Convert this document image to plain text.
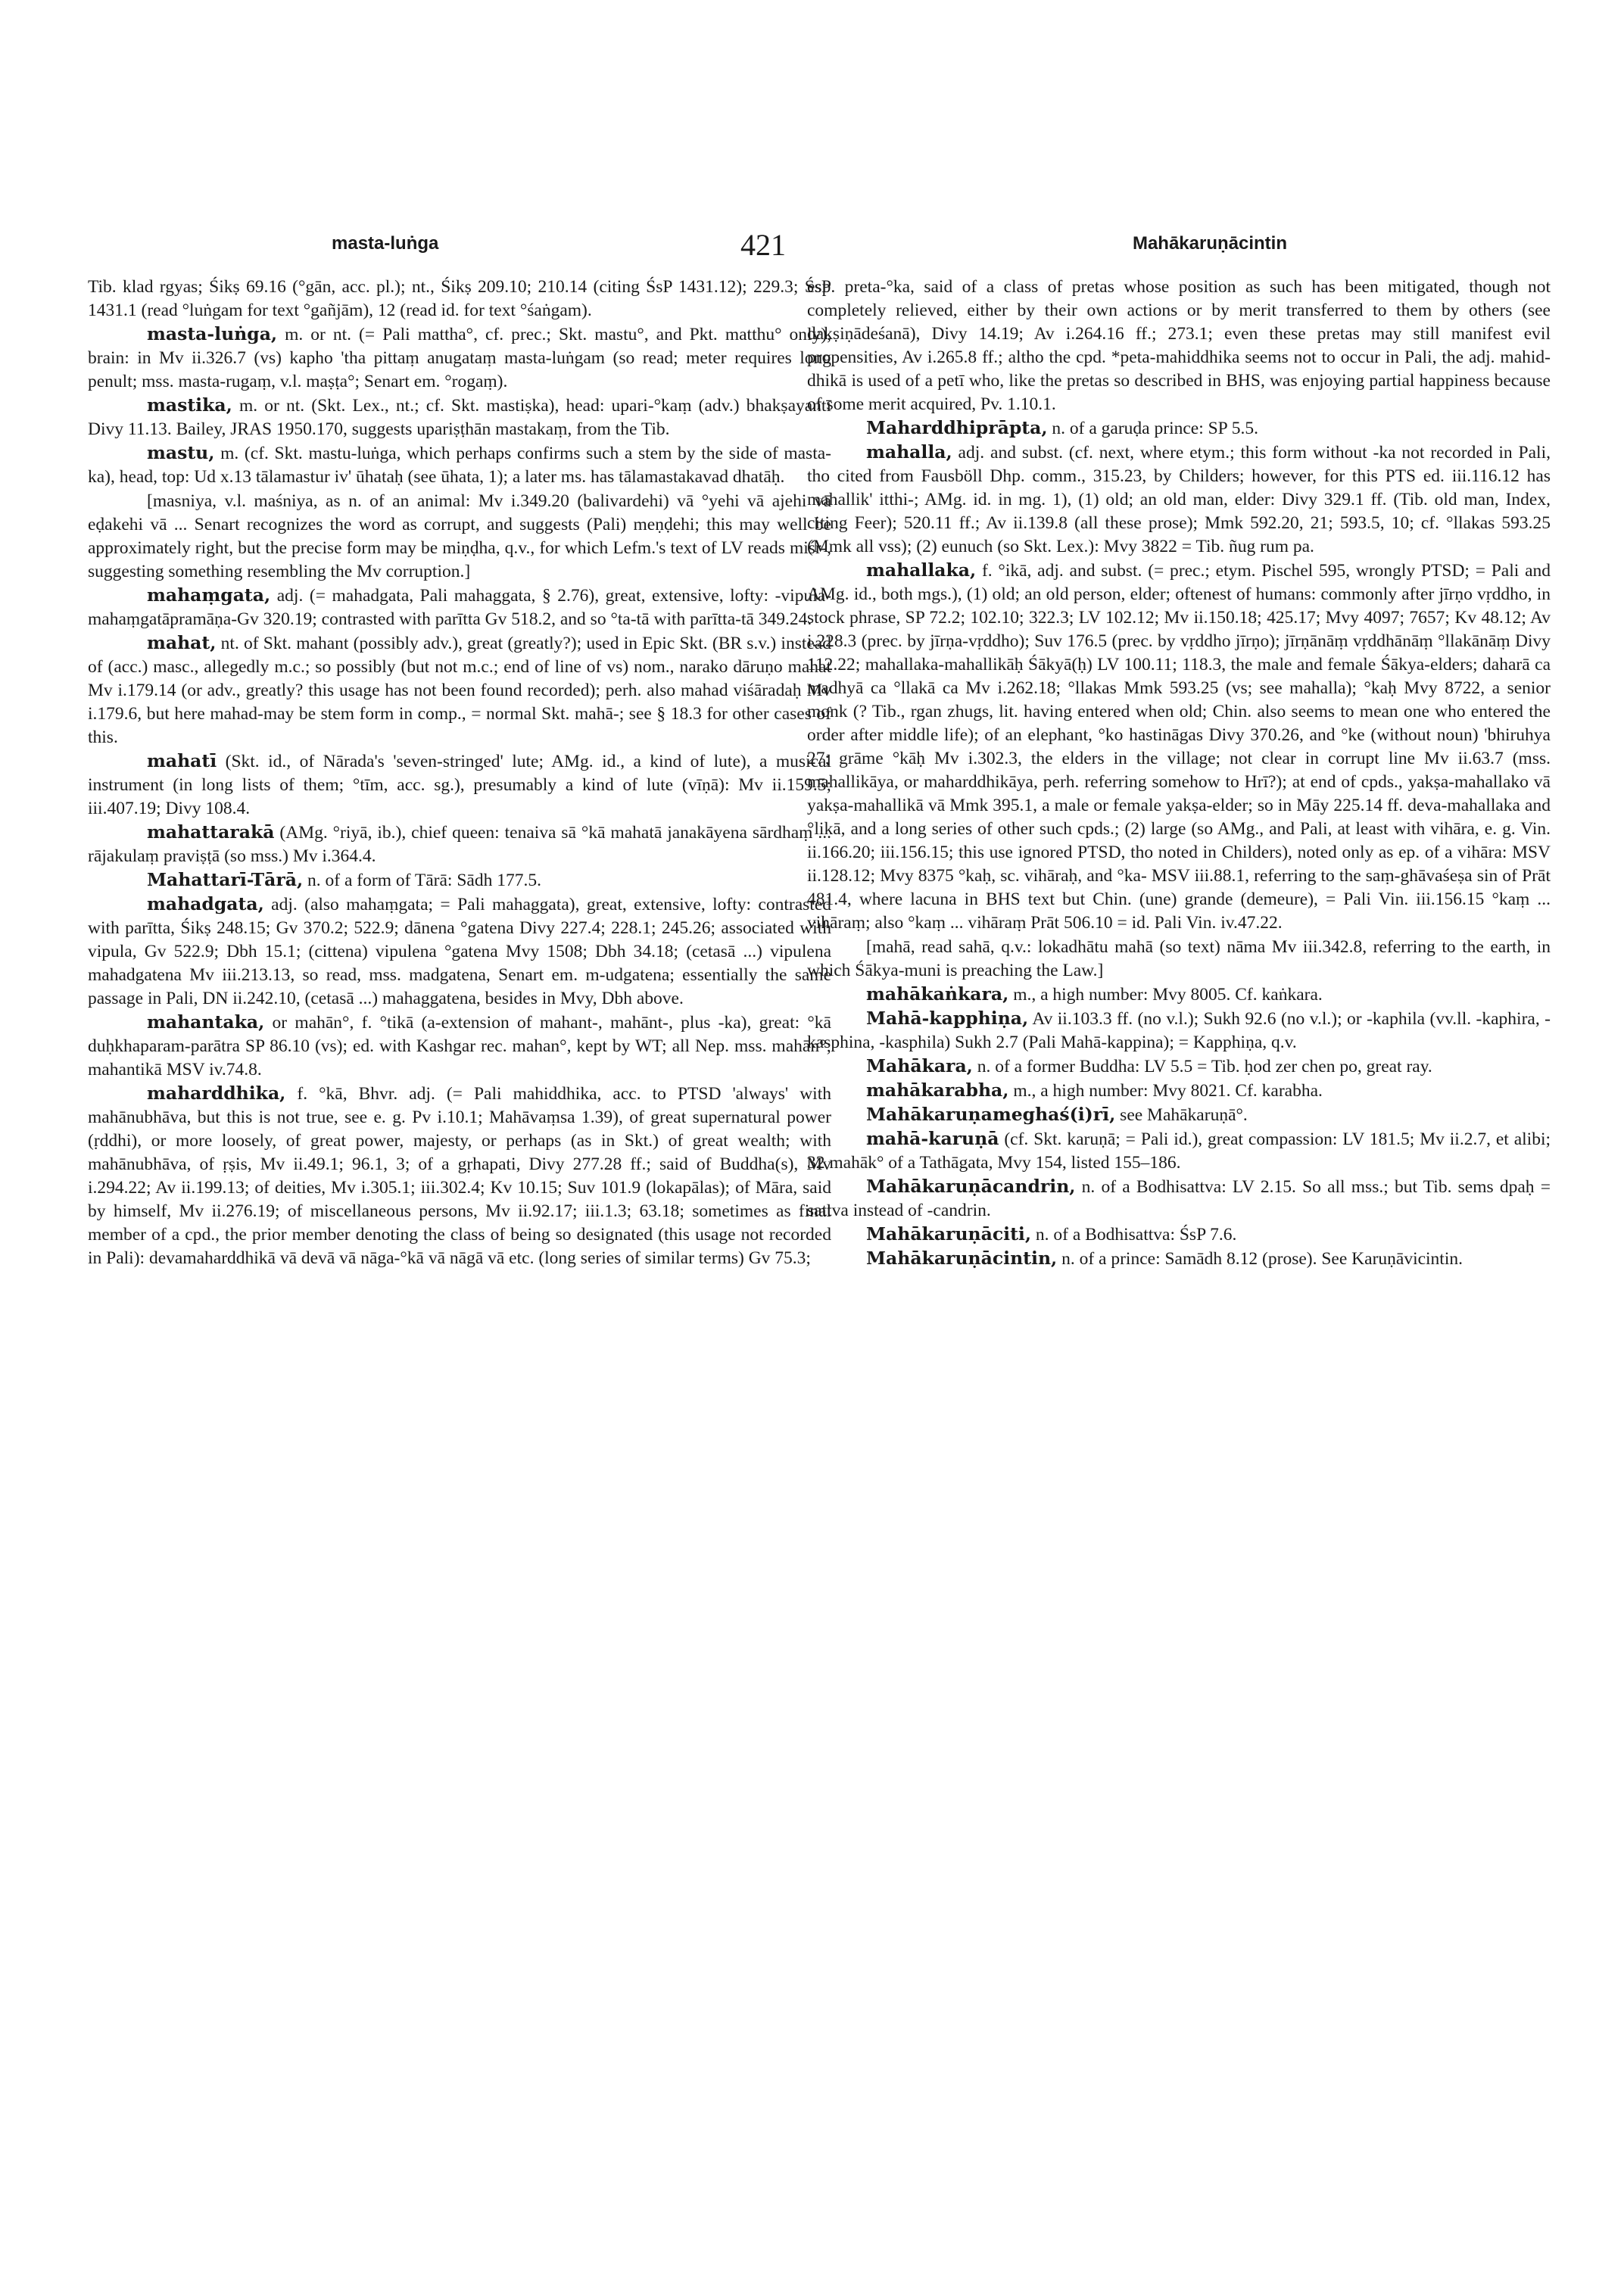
masta-luṅga	421	Mahākaruṇācintin

Tib. klad rgyas; Śikṣ 69.16 (°gān, acc. pl.); nt., Śikṣ 209.10; 210.14 (citing ŚsP 1431.12); 229.3; ŚsP 1431.1 (read °luṅgam for text °gañjām), 12 (read id. for text °śaṅgam).

masta-luṅga, m. or nt. (= Pali mattha°, cf. prec.; Skt. mastu°, and Pkt. matthu° only), brain: in Mv ii.326.7 (vs) kapho 'tha pittaṃ anugataṃ masta-luṅgam (so read; meter requires long penult; mss. masta-rugaṃ, v.l. maṣṭa°; Senart em. °rogaṃ).

mastika, m. or nt. (Skt. Lex., nt.; cf. Skt. mastiṣka), head: upari-°kaṃ (adv.) bhakṣayantī Divy 11.13. Bailey, JRAS 1950.170, suggests upariṣṭhān mastakaṃ, from the Tib.

mastu, m. (cf. Skt. mastu-luṅga, which perhaps confirms such a stem by the side of masta-ka), head, top: Ud x.13 tālamastur iv' ūhataḥ (see ūhata, 1); a later ms. has tālamastakavad dhatāḥ.

[masniya, v.l. maśniya, as n. of an animal: Mv i.349.20 (balivardehi) vā °yehi vā ajehi vā eḍakehi vā ... Senart recognizes the word as corrupt, and suggests (Pali) meṇḍehi; this may well be approximately right, but the precise form may be miṇḍha, q.v., for which Lefm.'s text of LV reads miśr-, suggesting something resembling the Mv corruption.]

mahaṃgata, adj. (= mahadgata, Pali mahaggata, § 2.76), great, extensive, lofty: -vipula-mahaṃgatāpramāṇa-Gv 320.19; contrasted with parītta Gv 518.2, and so °ta-tā with parītta-tā 349.24.

mahat, nt. of Skt. mahant (possibly adv.), great (greatly?); used in Epic Skt. (BR s.v.) instead of (acc.) masc., allegedly m.c.; so possibly (but not m.c.; end of line of vs) nom., narako dāruṇo mahat Mv i.179.14 (or adv., greatly? this usage has not been found recorded); perh. also mahad viśāradaḥ Mv i.179.6, but here mahad-may be stem form in comp., = normal Skt. mahā-; see § 18.3 for other cases of this.

mahatī (Skt. id., of Nārada's 'seven-stringed' lute; AMg. id., a kind of lute), a musical instrument (in long lists of them; °tīm, acc. sg.), presumably a kind of lute (vīṇā): Mv ii.159.5; iii.407.19; Divy 108.4.

mahattarakā (AMg. °riyā, ib.), chief queen: tenaiva sā °kā mahatā janakāyena sārdhaṃ ... rājakulaṃ praviṣṭā (so mss.) Mv i.364.4.

Mahattarī-Tārā, n. of a form of Tārā: Sādh 177.5.

mahadgata, adj. (also mahaṃgata; = Pali mahaggata), great, extensive, lofty: contrasted with parītta, Śikṣ 248.15; Gv 370.2; 522.9; dānena °gatena Divy 227.4; 228.1; 245.26; associated with vipula, Gv 522.9; Dbh 15.1; (cittena) vipulena °gatena Mvy 1508; Dbh 34.18; (cetasā ...) vipulena mahadgatena Mv iii.213.13, so read, mss. madgatena, Senart em. m-udgatena; essentially the same passage in Pali, DN ii.242.10, (cetasā ...) mahaggatena, besides in Mvy, Dbh above.

mahantaka, or mahān°, f. °tikā (a-extension of mahant-, mahānt-, plus -ka), great: °kā duḥkhaparam-parātra SP 86.10 (vs); ed. with Kashgar rec. mahan°, kept by WT; all Nep. mss. mahān°; mahantikā MSV iv.74.8.

maharddhika, f. °kā, Bhvr. adj. (= Pali mahiddhika, acc. to PTSD 'always' with mahānubhāva, but this is not true, see e. g. Pv i.10.1; Mahāvaṃsa 1.39), of great supernatural power (ṛddhi), or more loosely, of great power, majesty, or perhaps (as in Skt.) of great wealth; with mahānubhāva, of ṛṣis, Mv ii.49.1; 96.1, 3; of a gṛhapati, Divy 277.28 ff.; said of Buddha(s), Mv i.294.22; Av ii.199.13; of deities, Mv i.305.1; iii.302.4; Kv 10.15; Suv 101.9 (lokapālas); of Māra, said by himself, Mv ii.276.19; of miscellaneous persons, Mv ii.92.17; iii.1.3; 63.18; sometimes as final member of a cpd., the prior member denoting the class of being so designated (this usage not recorded in Pali): devamaharddhikā vā devā vā nāga-°kā vā nāgā vā etc. (long series of similar terms) Gv 75.3;

esp. preta-°ka, said of a class of pretas whose position as such has been mitigated, though not completely relieved, either by their own actions or by merit transferred to them by others (see dakṣiṇādeśanā), Divy 14.19; Av i.264.16 ff.; 273.1; even these pretas may still manifest evil propensities, Av i.265.8 ff.; altho the cpd. *peta-mahiddhika seems not to occur in Pali, the adj. mahid-dhikā is used of a petī who, like the pretas so described in BHS, was enjoying partial happiness because of some merit acquired, Pv. 1.10.1.

Maharddhiprāpta, n. of a garuḍa prince: SP 5.5.

mahalla, adj. and subst. (cf. next, where etym.; this form without -ka not recorded in Pali, tho cited from Fausböll Dhp. comm., 315.23, by Childers; however, for this PTS ed. iii.116.12 has mahallik' itthi-; AMg. id. in mg. 1), (1) old; an old man, elder: Divy 329.1 ff. (Tib. old man, Index, citing Feer); 520.11 ff.; Av ii.139.8 (all these prose); Mmk 592.20, 21; 593.5, 10; cf. °llakas 593.25 (Mmk all vss); (2) eunuch (so Skt. Lex.): Mvy 3822 = Tib. ñug rum pa.

mahallaka, f. °ikā, adj. and subst. (= prec.; etym. Pischel 595, wrongly PTSD; = Pali and AMg. id., both mgs.), (1) old; an old person, elder; oftenest of humans: commonly after jīrṇo vṛddho, in stock phrase, SP 72.2; 102.10; 322.3; LV 102.12; Mv ii.150.18; 425.17; Mvy 4097; 7657; Kv 48.12; Av i.228.3 (prec. by jīrṇa-vṛddho); Suv 176.5 (prec. by vṛddho jīrṇo); jīrṇānāṃ vṛddhānāṃ °llakānāṃ Divy 112.22; mahallaka-mahallikāḥ Śākyā(ḥ) LV 100.11; 118.3, the male and female Śākya-elders; daharā ca madhyā ca °llakā ca Mv i.262.18; °llakas Mmk 593.25 (vs; see mahalla); °kaḥ Mvy 8722, a senior monk (? Tib., rgan zhugs, lit. having entered when old; Chin. also seems to mean one who entered the order after middle life); of an elephant, °ko hastināgas Divy 370.26, and °ke (without noun) 'bhiruhya 27; grāme °kāḥ Mv i.302.3, the elders in the village; not clear in corrupt line Mv ii.63.7 (mss. mahallikāya, or maharddhikāya, perh. referring somehow to Hrī?); at end of cpds., yakṣa-mahallako vā yakṣa-mahallikā vā Mmk 395.1, a male or female yakṣa-elder; so in Māy 225.14 ff. deva-mahallaka and °likā, and a long series of other such cpds.; (2) large (so AMg., and Pali, at least with vihāra, e. g. Vin. ii.166.20; iii.156.15; this use ignored PTSD, tho noted in Childers), noted only as ep. of a vihāra: MSV ii.128.12; Mvy 8375 °kaḥ, sc. vihāraḥ, and °ka- MSV iii.88.1, referring to the saṃ-ghāvaśeṣa sin of Prāt 481.4, where lacuna in BHS text but Chin. (une) grande (demeure), = Pali Vin. iii.156.15 °kaṃ ... vihāraṃ; also °kaṃ ... vihāraṃ Prāt 506.10 = id. Pali Vin. iv.47.22.

[mahā, read sahā, q.v.: lokadhātu mahā (so text) nāma Mv iii.342.8, referring to the earth, in which Śākya-muni is preaching the Law.]

mahākaṅkara, m., a high number: Mvy 8005. Cf. kaṅkara.

Mahā-kapphiṇa, Av ii.103.3 ff. (no v.l.); Sukh 92.6 (no v.l.); or -kaphila (vv.ll. -kaphira, -kasphina, -kasphila) Sukh 2.7 (Pali Mahā-kappina); = Kapphiṇa, q.v.

Mahākara, n. of a former Buddha: LV 5.5 = Tib. ḥod zer chen po, great ray.

mahākarabha, m., a high number: Mvy 8021. Cf. karabha.

Mahākaruṇameghaś(i)rī, see Mahākaruṇā°.

mahā-karuṇā (cf. Skt. karuṇā; = Pali id.), great compassion: LV 181.5; Mv ii.2.7, et alibi; 32 mahāk° of a Tathāgata, Mvy 154, listed 155–186.

Mahākaruṇācandrin, n. of a Bodhisattva: LV 2.15. So all mss.; but Tib. sems dpaḥ = sattva instead of -candrin.

Mahākaruṇāciti, n. of a Bodhisattva: ŚsP 7.6.

Mahākaruṇācintin, n. of a prince: Samādh 8.12 (prose). See Karuṇāvicintin.
